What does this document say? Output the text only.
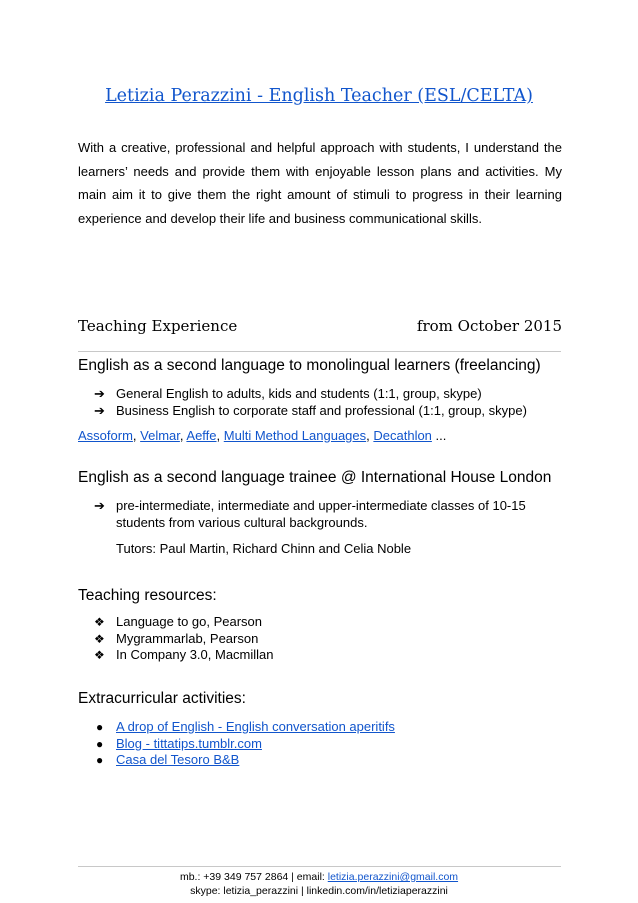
Letizia Perazzini - English Teacher (ESL/CELTA)
With a creative, professional and helpful approach with students, I understand the learners’ needs and provide them with enjoyable lesson plans and activities. My main aim it to give them the right amount of stimuli to progress in their learning experience and develop their life and business communicational skills.
Teaching Experience	from October 2015
English as a second language to monolingual learners (freelancing)
➔ General English to adults, kids and students (1:1, group, skype)
➔ Business English to corporate staff and professional (1:1, group, skype)
Assoform, Velmar, Aeffe, Multi Method Languages, Decathlon ...
English as a second language trainee @ International House London
➔ pre-intermediate, intermediate and upper-intermediate classes of 10-15 students from various cultural backgrounds.
Tutors: Paul Martin, Richard Chinn and Celia Noble
Teaching resources:
❖ Language to go, Pearson
❖ Mygrammarlab, Pearson
❖ In Company 3.0, Macmillan
Extracurricular activities:
● A drop of English - English conversation aperitifs
● Blog - tittatips.tumblr.com
● Casa del Tesoro B&B
mb.: +39 349 757 2864 | email: letizia.perazzini@gmail.com
skype: letizia_perazzini | linkedin.com/in/letiziaperazzini
